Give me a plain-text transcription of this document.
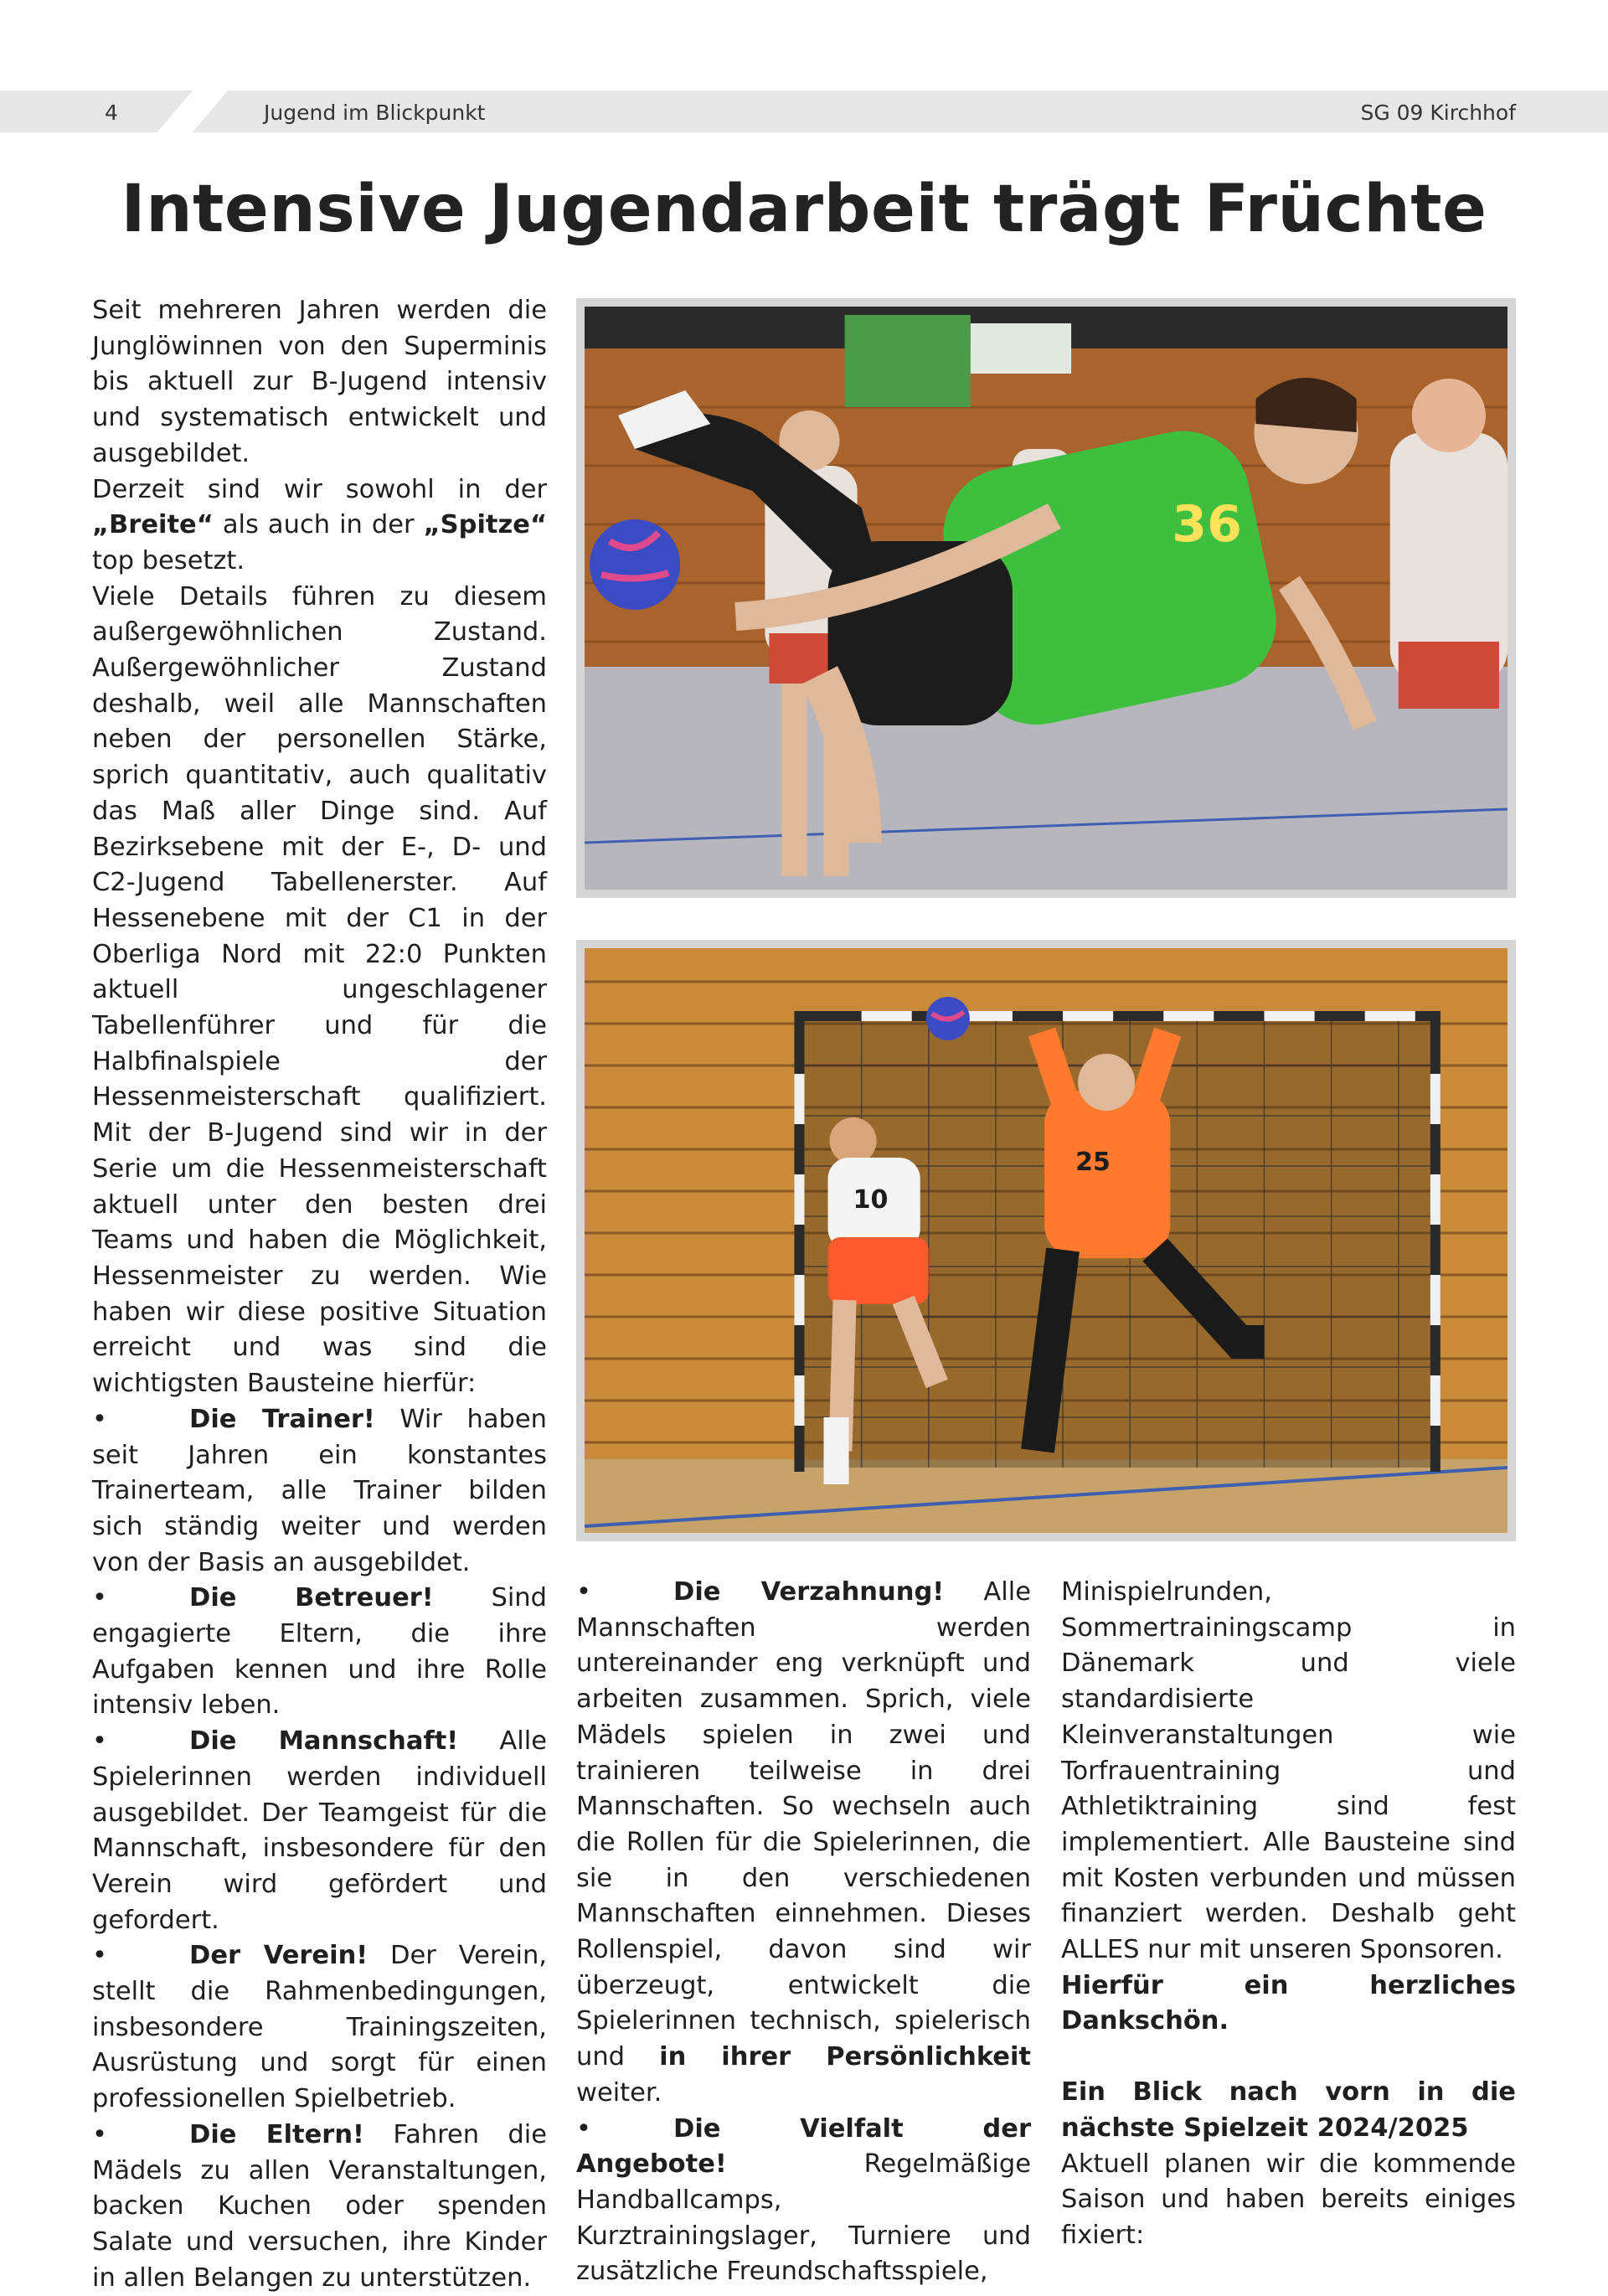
4	Jugend im Blickpunkt	SG 09 Kirchhof
Intensive Jugendarbeit trägt Früchte

Seit mehreren Jahren werden die Junglöwinnen von den Superminis bis aktuell zur B-Jugend intensiv und systematisch entwickelt und ausgebildet.

Derzeit sind wir sowohl in der „Breite“ als auch in der „Spitze“ top besetzt.

Viele Details führen zu diesem außergewöhnlichen Zustand. Außergewöhnlicher Zustand deshalb, weil alle Mannschaften neben der personellen Stärke, sprich quantitativ, auch qualitativ das Maß aller Dinge sind. Auf Bezirksebene mit der E-, D- und C2-Jugend Tabellenerster. Auf Hessenebene mit der C1 in der Oberliga Nord mit 22:0 Punkten aktuell ungeschlagener Tabellenführer und für die Halbfinalspiele der Hessenmeisterschaft qualifiziert. Mit der B-Jugend sind wir in der Serie um die Hessenmeisterschaft aktuell unter den besten drei Teams und haben die Möglichkeit, Hessenmeister zu werden. Wie haben wir diese positive Situation erreicht und was sind die wichtigsten Bausteine hierfür:

•	Die Trainer! Wir haben seit Jahren ein konstantes Trainerteam, alle Trainer bilden sich ständig weiter und werden von der Basis an ausgebildet.

•	Die Betreuer! Sind engagierte Eltern, die ihre Aufgaben kennen und ihre Rolle intensiv leben.

•	Die Mannschaft! Alle Spielerinnen werden individuell ausgebildet. Der Teamgeist für die Mannschaft, insbesondere für den Verein wird gefördert und gefordert.

•	Der Verein! Der Verein, stellt die Rahmenbedingungen, insbesondere Trainingszeiten, Ausrüstung und sorgt für einen professionellen Spielbetrieb.

•	Die Eltern! Fahren die Mädels zu allen Veranstaltungen, backen Kuchen oder spenden Salate und versuchen, ihre Kinder in allen Belangen zu unterstützen.

36
25
10

•	Die Verzahnung! Alle Mannschaften werden untereinander eng verknüpft und arbeiten zusammen. Sprich, viele Mädels spielen in zwei und trainieren teilweise in drei Mannschaften. So wechseln auch die Rollen für die Spielerinnen, die sie in den verschiedenen Mannschaften einnehmen. Dieses Rollenspiel, davon sind wir überzeugt, entwickelt die Spielerinnen technisch, spielerisch und in ihrer Persönlichkeit weiter.

•	Die Vielfalt der Angebote! Regelmäßige Handballcamps, Kurztrainingslager, Turniere und zusätzliche Freundschaftsspiele,

Minispielrunden, Sommertrainingscamp in Dänemark und viele standardisierte Kleinveranstaltungen wie Torfrauentraining und Athletiktraining sind fest implementiert. Alle Bausteine sind mit Kosten verbunden und müssen finanziert werden. Deshalb geht ALLES nur mit unseren Sponsoren.

Hierfür ein herzliches Dankschön.

Ein Blick nach vorn in die nächste Spielzeit 2024/2025

Aktuell planen wir die kommende Saison und haben bereits einiges fixiert:
